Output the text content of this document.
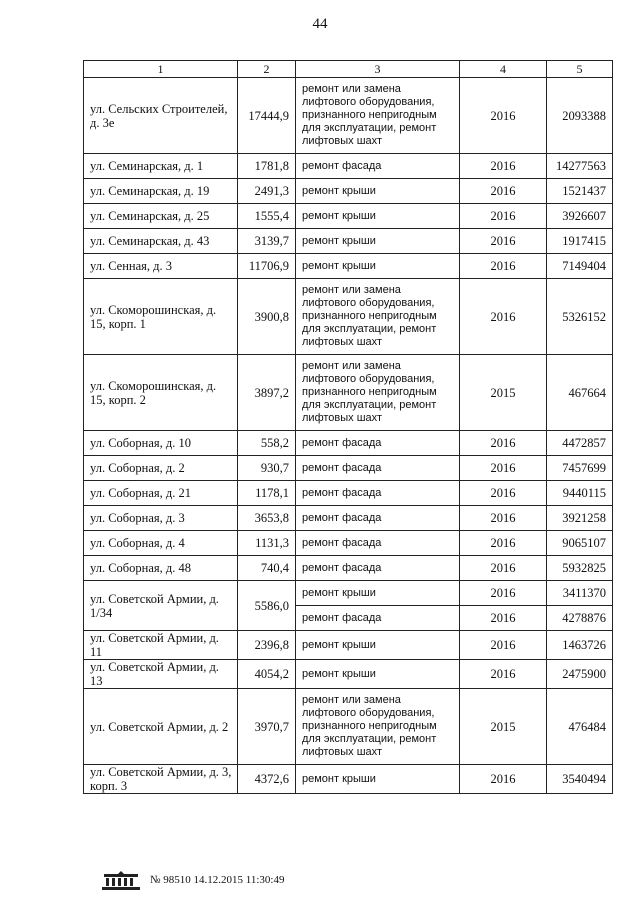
44
1	2	3	4	5
ул. Сельских Строителей, д. 3е	17444,9	ремонт или замена лифтового оборудования, признанного непригодным для эксплуатации, ремонт лифтовых шахт	2016	2093388
ул. Семинарская, д. 1	1781,8	ремонт фасада	2016	14277563
ул. Семинарская, д. 19	2491,3	ремонт крыши	2016	1521437
ул. Семинарская, д. 25	1555,4	ремонт крыши	2016	3926607
ул. Семинарская, д. 43	3139,7	ремонт крыши	2016	1917415
ул. Сенная, д. 3	11706,9	ремонт крыши	2016	7149404
ул. Скоморошинская, д. 15, корп. 1	3900,8	ремонт или замена лифтового оборудования, признанного непригодным для эксплуатации, ремонт лифтовых шахт	2016	5326152
ул. Скоморошинская, д. 15, корп. 2	3897,2	ремонт или замена лифтового оборудования, признанного непригодным для эксплуатации, ремонт лифтовых шахт	2015	467664
ул. Соборная, д. 10	558,2	ремонт фасада	2016	4472857
ул. Соборная, д. 2	930,7	ремонт фасада	2016	7457699
ул. Соборная, д. 21	1178,1	ремонт фасада	2016	9440115
ул. Соборная, д. 3	3653,8	ремонт фасада	2016	3921258
ул. Соборная, д. 4	1131,3	ремонт фасада	2016	9065107
ул. Соборная, д. 48	740,4	ремонт фасада	2016	5932825
ул. Советской Армии, д. 1/34	5586,0	ремонт крыши	2016	3411370
		ремонт фасада	2016	4278876
ул. Советской Армии, д. 11	2396,8	ремонт крыши	2016	1463726
ул. Советской Армии, д. 13	4054,2	ремонт крыши	2016	2475900
ул. Советской Армии, д. 2	3970,7	ремонт или замена лифтового оборудования, признанного непригодным для эксплуатации, ремонт лифтовых шахт	2015	476484
ул. Советской Армии, д. 3, корп. 3	4372,6	ремонт крыши	2016	3540494
№ 98510 14.12.2015 11:30:49
